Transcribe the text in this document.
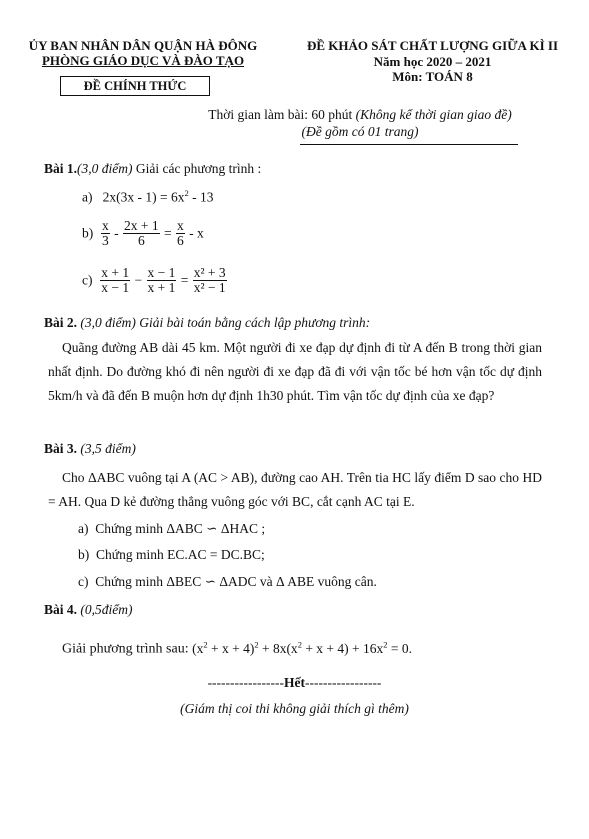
ỦY BAN NHÂN DÂN QUẬN HÀ ĐÔNG
PHÒNG GIÁO DỤC VÀ ĐÀO TẠO
ĐỀ CHÍNH THỨC
ĐỀ KHẢO SÁT CHẤT LƯỢNG GIỮA KÌ II
Năm học 2020 – 2021
Môn: TOÁN 8
Thời gian làm bài: 60 phút (Không kể thời gian giao đề)
(Đề gồm có 01 trang)
Bài 1.(3,0 điểm) Giải các phương trình :
a) $2x(3x - 1) = 6x^2 - 13$
$b) \frac{x}{3} - \frac{2x + 1}{6} = \frac{x}{6} - x$
$c) \frac{x + 1}{x - 1} - \frac{x - 1}{x + 1} = \frac{\text{x² + 3}}{\text{x² − 1}}$
Bài 2. (3,0 điểm) Giải bài toán bằng cách lập phương trình:
Quãng đường AB dài 45 km. Một người đi xe đạp dự định đi từ A đến B trong thời gian nhất định. Do đường khó đi nên người đi xe đạp đã đi với vận tốc bé hơn vận tốc dự định 5km/h và đã đến B muộn hơn dự định 1h30 phút. Tìm vận tốc dự định của xe đạp?
Bài 3. (3,5 điểm)
Cho ΔABC vuông tại A (AC > AB), đường cao AH. Trên tia HC lấy điểm D sao cho HD = AH. Qua D kẻ đường thẳng vuông góc với BC, cắt cạnh AC tại E.
a) Chứng minh ΔABC ∽ ΔHAC ;
b) Chứng minh EC.AC = DC.BC;
c) Chứng minh ΔBEC ∽ ΔADC và Δ ABE vuông cân.
Bài 4. (0,5điểm)
Giải phương trình sau: $(x^2 + x + 4)^2 + 8x(x^2 + x + 4) + 16x^2 = 0$.
-----------------Hết-----------------
(Giám thị coi thi không giải thích gì thêm)
